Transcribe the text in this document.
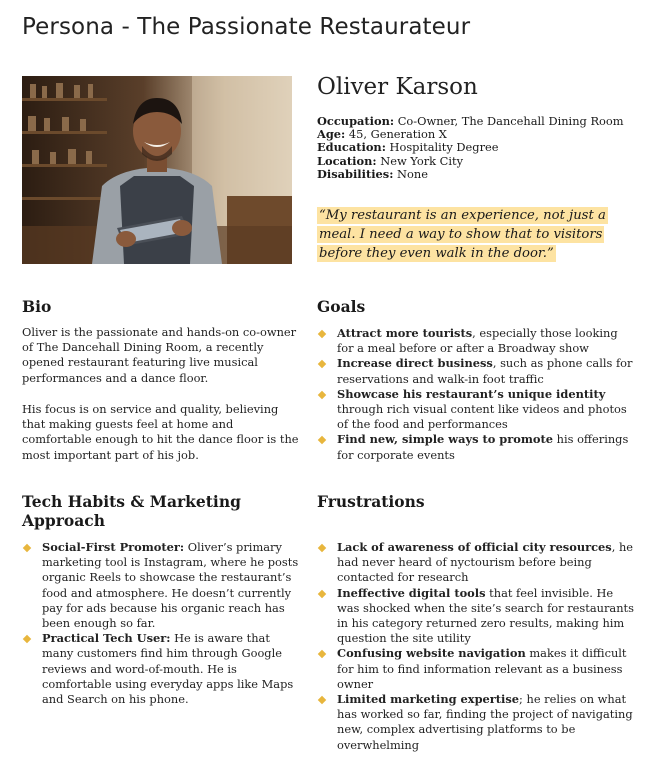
Persona - The Passionate Restaurateur
Oliver Karson
Occupation: Co-Owner, The Dancehall Dining Room
Age: 45, Generation X
Education: Hospitality Degree
Location: New York City
Disabilities: None

“My restaurant is an experience, not just a meal. I need a way to show that to visitors before they even walk in the door.”

Bio

Oliver is the passionate and hands-on co-owner of The Dancehall Dining Room, a recently opened restaurant featuring live musical performances and a dance floor.

His focus is on service and quality, believing that making guests feel at home and comfortable enough to hit the dance floor is the most important part of his job.

Goals
Attract more tourists, especially those looking for a meal before or after a Broadway show
Increase direct business, such as phone calls for reservations and walk-in foot traffic
Showcase his restaurant’s unique identity through rich visual content like videos and photos of the food and performances
Find new, simple ways to promote his offerings for corporate events
Tech Habits & Marketing Approach
Social-First Promoter: Oliver’s primary marketing tool is Instagram, where he posts organic Reels to showcase the restaurant’s food and atmosphere. He doesn’t currently pay for ads because his organic reach has been enough so far.
Practical Tech User: He is aware that many customers find him through Google reviews and word-of-mouth. He is comfortable using everyday apps like Maps and Search on his phone.
Frustrations
Lack of awareness of official city resources, he had never heard of nyctourism before being contacted for research
Ineffective digital tools that feel invisible. He was shocked when the site’s search for restaurants in his category returned zero results, making him question the site utility
Confusing website navigation makes it difficult for him to find information relevant as a business owner
Limited marketing expertise; he relies on what has worked so far, finding the project of navigating new, complex advertising platforms to be overwhelming
